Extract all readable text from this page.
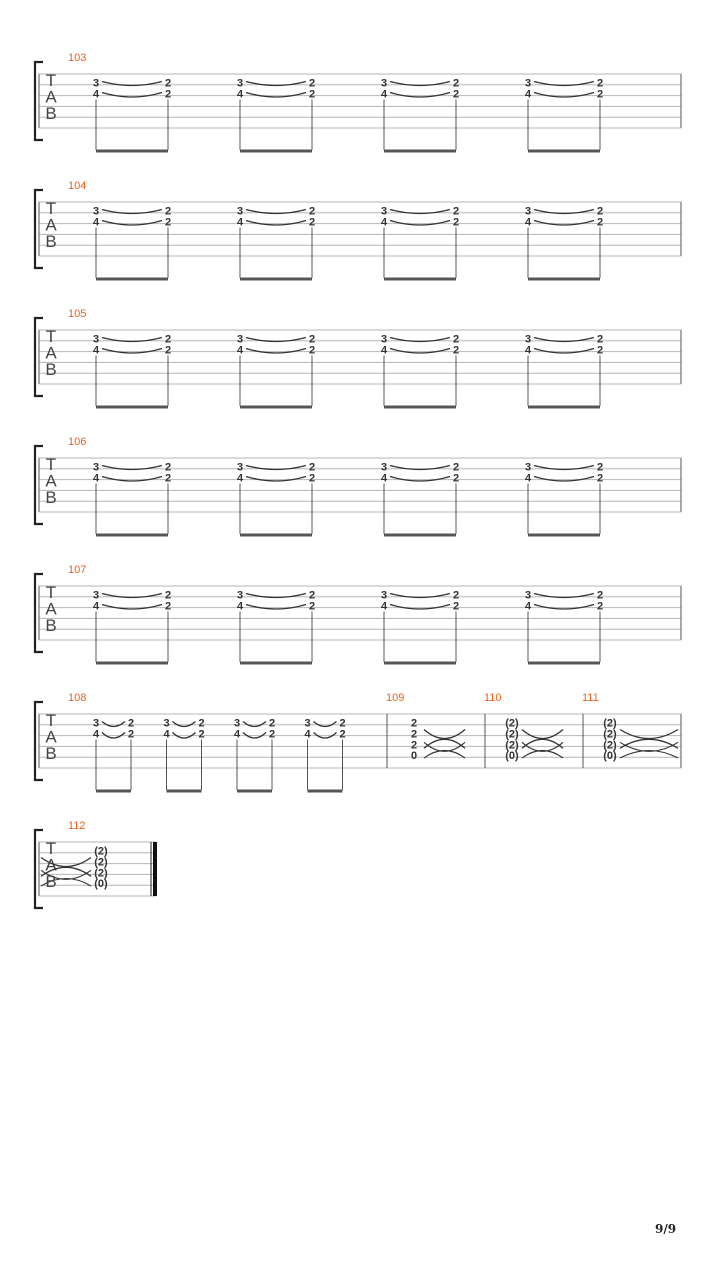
T
A
B
3
4
2
2
3
4
2
2
3
4
2
2
3
4
2
2
T
A
B
3
4
2
2
3
4
2
2
3
4
2
2
3
4
2
2
T
A
B
3
4
2
2
3
4
2
2
3
4
2
2
3
4
2
2
T
A
B
3
4
2
2
3
4
2
2
3
4
2
2
3
4
2
2
T
A
B
3
4
2
2
3
4
2
2
3
4
2
2
3
4
2
2
T
A
B
3
4
2
2
3
4
2
2
3
4
2
2
3
4
2
2
2
2
2
0
(2)
(2)
(2)
(0)
(2)
(2)
(2)
(0)
T
A
B
(2)
(2)
(2)
(0)
9/9
103
104
105
106
107
108	109	110	111
112
